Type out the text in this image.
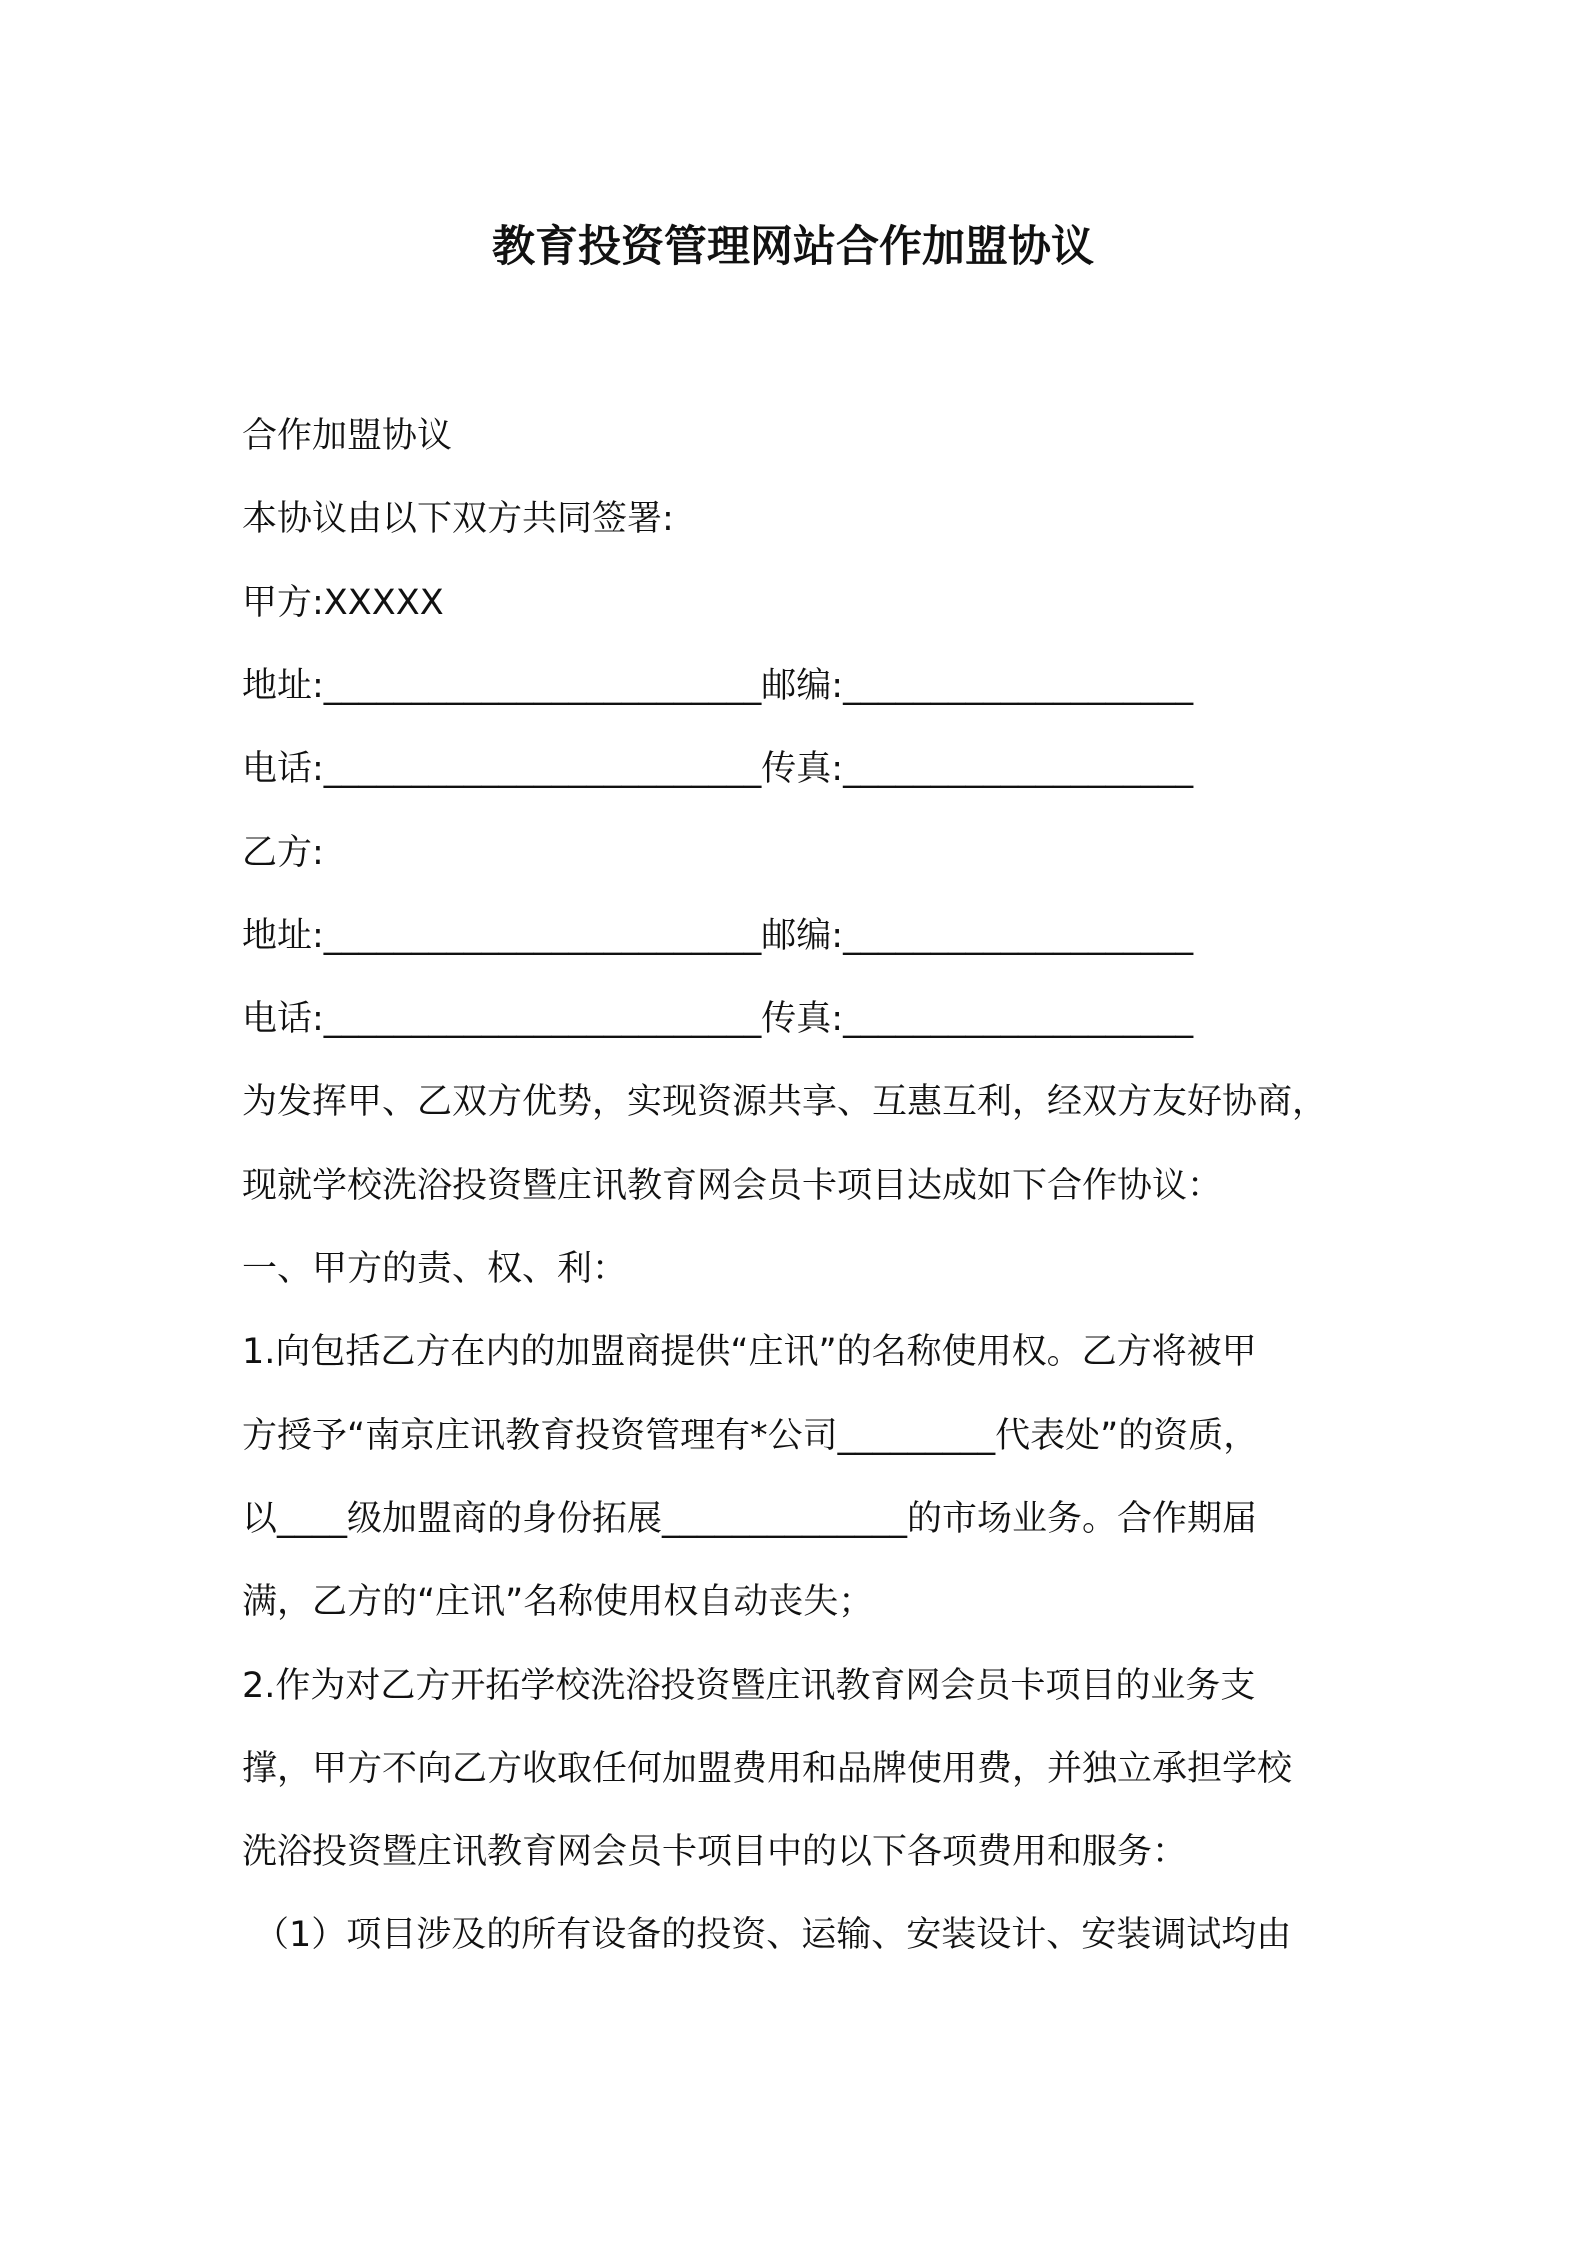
教育投资管理网站合作加盟协议
合作加盟协议
本协议由以下双方共同签署:
甲方:XXXXX
地址:_________________________邮编:____________________
电话:_________________________传真:____________________
乙方:
地址:_________________________邮编:____________________
电话:_________________________传真:____________________
为发挥甲、乙双方优势，实现资源共享、互惠互利，经双方友好协商，
现就学校洗浴投资暨庄讯教育网会员卡项目达成如下合作协议：
一、甲方的责、权、利：
1.向包括乙方在内的加盟商提供“庄讯”的名称使用权。乙方将被甲
方授予“南京庄讯教育投资管理有*公司_________代表处”的资质，
以____级加盟商的身份拓展______________的市场业务。合作期届
满，乙方的“庄讯”名称使用权自动丧失；
2.作为对乙方开拓学校洗浴投资暨庄讯教育网会员卡项目的业务支
撑，甲方不向乙方收取任何加盟费用和品牌使用费，并独立承担学校
洗浴投资暨庄讯教育网会员卡项目中的以下各项费用和服务：
（1）项目涉及的所有设备的投资、运输、安装设计、安装调试均由
